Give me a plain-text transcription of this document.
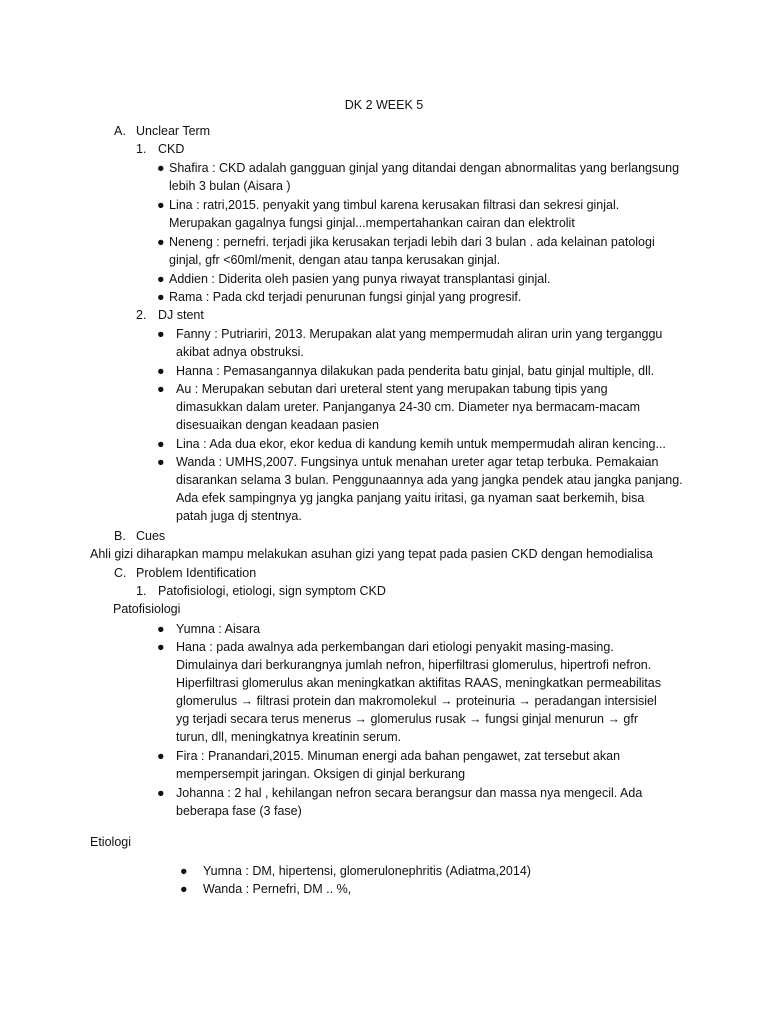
DK 2 WEEK 5
A. Unclear Term
1. CKD
● Shafira : CKD adalah gangguan ginjal yang ditandai dengan abnormalitas yang berlangsung
lebih 3 bulan (Aisara )
● Lina : ratri,2015. penyakit yang timbul karena kerusakan filtrasi dan sekresi ginjal.
Merupakan gagalnya fungsi ginjal...mempertahankan cairan dan elektrolit
● Neneng : pernefri. terjadi jika kerusakan terjadi lebih dari 3 bulan . ada kelainan patologi
ginjal, gfr <60ml/menit, dengan atau tanpa kerusakan ginjal.
● Addien : Diderita oleh pasien yang punya riwayat transplantasi ginjal.
● Rama : Pada ckd terjadi penurunan fungsi ginjal yang progresif.
2. DJ stent
● Fanny : Putriariri, 2013. Merupakan alat yang mempermudah aliran urin yang terganggu
akibat adnya obstruksi.
● Hanna : Pemasangannya dilakukan pada penderita batu ginjal, batu ginjal multiple, dll.
● Au : Merupakan sebutan dari ureteral stent yang merupakan tabung tipis yang
dimasukkan dalam ureter. Panjanganya 24-30 cm. Diameter nya bermacam-macam
disesuaikan dengan keadaan pasien
● Lina : Ada dua ekor, ekor kedua di kandung kemih untuk mempermudah aliran kencing...
● Wanda : UMHS,2007. Fungsinya untuk menahan ureter agar tetap terbuka. Pemakaian
disarankan selama 3 bulan. Penggunaannya ada yang jangka pendek atau jangka panjang.
Ada efek sampingnya yg jangka panjang yaitu iritasi, ga nyaman saat berkemih, bisa
patah juga dj stentnya.
B. Cues
Ahli gizi diharapkan mampu melakukan asuhan gizi yang tepat pada pasien CKD dengan hemodialisa
C. Problem Identification
1. Patofisiologi, etiologi, sign symptom CKD
Patofisiologi
● Yumna : Aisara
● Hana : pada awalnya ada perkembangan dari etiologi penyakit masing-masing.
Dimulainya dari berkurangnya jumlah nefron, hiperfiltrasi glomerulus, hipertrofi nefron.
Hiperfiltrasi glomerulus akan meningkatkan aktifitas RAAS, meningkatkan permeabilitas
glomerulus → filtrasi protein dan makromolekul → proteinuria → peradangan intersisiel
yg terjadi secara terus menerus → glomerulus rusak → fungsi ginjal menurun → gfr
turun, dll, meningkatnya kreatinin serum.
● Fira : Pranandari,2015. Minuman energi ada bahan pengawet, zat tersebut akan
mempersempit jaringan. Oksigen di ginjal berkurang
● Johanna : 2 hal , kehilangan nefron secara berangsur dan massa nya mengecil. Ada
beberapa fase (3 fase)
Etiologi
● Yumna : DM, hipertensi, glomerulonephritis (Adiatma,2014)
● Wanda : Pernefri, DM .. %,
